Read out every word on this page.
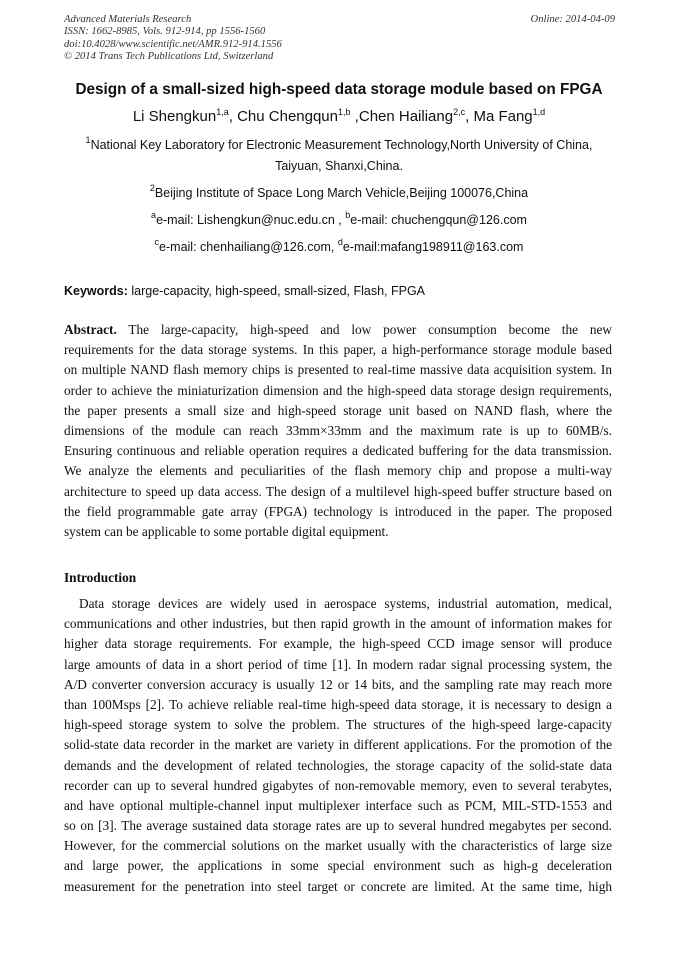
Advanced Materials Research
ISSN: 1662-8985, Vols. 912-914, pp 1556-1560
doi:10.4028/www.scientific.net/AMR.912-914.1556
© 2014 Trans Tech Publications Ltd, Switzerland
Online: 2014-04-09
Design of a small-sized high-speed data storage module based on FPGA
Li Shengkun$^{1,a}$, Chu Chengqun$^{1,b}$ ,Chen Hailiang$^{2,c}$, Ma Fang$^{1,d}$
$^1$National Key Laboratory for Electronic Measurement Technology,North University of China,
Taiyuan, Shanxi,China.
$^2$Beijing Institute of Space Long March Vehicle,Beijing 100076,China
$^a$e-mail: Lishengkun@nuc.edu.cn , $^b$e-mail: chuchengqun@126.com
$^c$e-mail: chenhailiang@126.com, $^d$e-mail:mafang198911@163.com
Keywords: large-capacity, high-speed, small-sized, Flash, FPGA
Abstract. The large-capacity, high-speed and low power consumption become the new
requirements for the data storage systems. In this paper, a high-performance storage module based
on multiple NAND flash memory chips is presented to real-time massive data acquisition system. In
order to achieve the miniaturization dimension and the high-speed data storage design requirements,
the paper presents a small size and high-speed storage unit based on NAND flash, where the
dimensions of the module can reach 33mm×33mm and the maximum rate is up to 60MB/s.
Ensuring continuous and reliable operation requires a dedicated buffering for the data transmission.
We analyze the elements and peculiarities of the flash memory chip and propose a multi-way
architecture to speed up data access. The design of a multilevel high-speed buffer structure based on
the field programmable gate array (FPGA) technology is introduced in the paper. The proposed
system can be applicable to some portable digital equipment.
Introduction
Data storage devices are widely used in aerospace systems, industrial automation, medical,
communications and other industries, but then rapid growth in the amount of information makes for
higher data storage requirements. For example, the high-speed CCD image sensor will produce
large amounts of data in a short period of time [1]. In modern radar signal processing system, the
A/D converter conversion accuracy is usually 12 or 14 bits, and the sampling rate may reach more
than 100Msps [2]. To achieve reliable real-time high-speed data storage, it is necessary to design a
high-speed storage system to solve the problem. The structures of the high-speed large-capacity
solid-state data recorder in the market are variety in different applications. For the promotion of the
demands and the development of related technologies, the storage capacity of the solid-state data
recorder can up to several hundred gigabytes of non-removable memory, even to several terabytes,
and have optional multiple-channel input multiplexer interface such as PCM, MIL-STD-1553 and
so on [3]. The average sustained data storage rates are up to several hundred megabytes per second.
However, for the commercial solutions on the market usually with the characteristics of large size
and large power, the applications in some special environment such as high-g deceleration
measurement for the penetration into steel target or concrete are limited. At the same time, high
